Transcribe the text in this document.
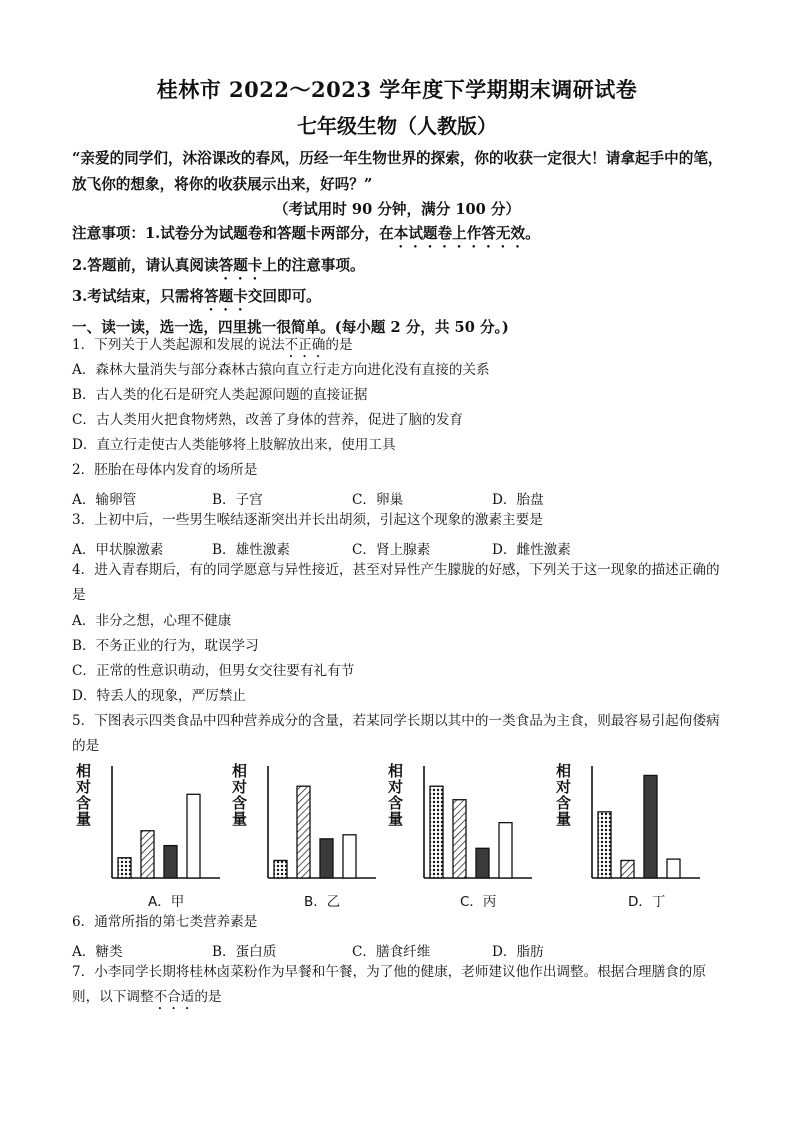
桂林市 2022～2023 学年度下学期期末调研试卷
七年级生物（人教版）
“亲爱的同学们，沐浴课改的春风，历经一年生物世界的探索，你的收获一定很大！请拿起手中的笔，放飞你的想象，将你的收获展示出来，好吗？”
（考试用时 90 分钟，满分 100 分）
注意事项：1.试卷分为试题卷和答题卡两部分，在本试题卷上作答无效。
2.答题前，请认真阅读答题卡上的注意事项。
3.考试结束，只需将答题卡交回即可。
一、读一读，选一选，四里挑一很简单。(每小题 2 分，共 50 分。)
1．下列关于人类起源和发展的说法不正确的是
A．森林大量消失与部分森林古猿向直立行走方向进化没有直接的关系
B．古人类的化石是研究人类起源问题的直接证据
C．古人类用火把食物烤熟，改善了身体的营养，促进了脑的发育
D．直立行走使古人类能够将上肢解放出来，使用工具
2．胚胎在母体内发育的场所是
A．输卵管	B．子宫	C．卵巢	D．胎盘
3．上初中后，一些男生喉结逐渐突出并长出胡须，引起这个现象的激素主要是
A．甲状腺激素	B．雄性激素	C．肾上腺素	D．雌性激素
4．进入青春期后，有的同学愿意与异性接近，甚至对异性产生朦胧的好感，下列关于这一现象的描述正确的是
A．非分之想，心理不健康
B．不务正业的行为，耽误学习
C．正常的性意识萌动，但男女交往要有礼有节
D．特丢人的现象，严厉禁止
5．下图表示四类食品中四种营养成分的含量，若某同学长期以其中的一类食品为主食，则最容易引起佝偻病的是
相
对
含
量
A．甲
相
对
含
量
B．乙
相
对
含
量
C．丙
相
对
含
量
D．丁
6．通常所指的第七类营养素是
A．糖类	B．蛋白质	C．膳食纤维	D．脂肪
7．小李同学长期将桂林卤菜粉作为早餐和午餐，为了他的健康，老师建议他作出调整。根据合理膳食的原则，以下调整不合适的是
